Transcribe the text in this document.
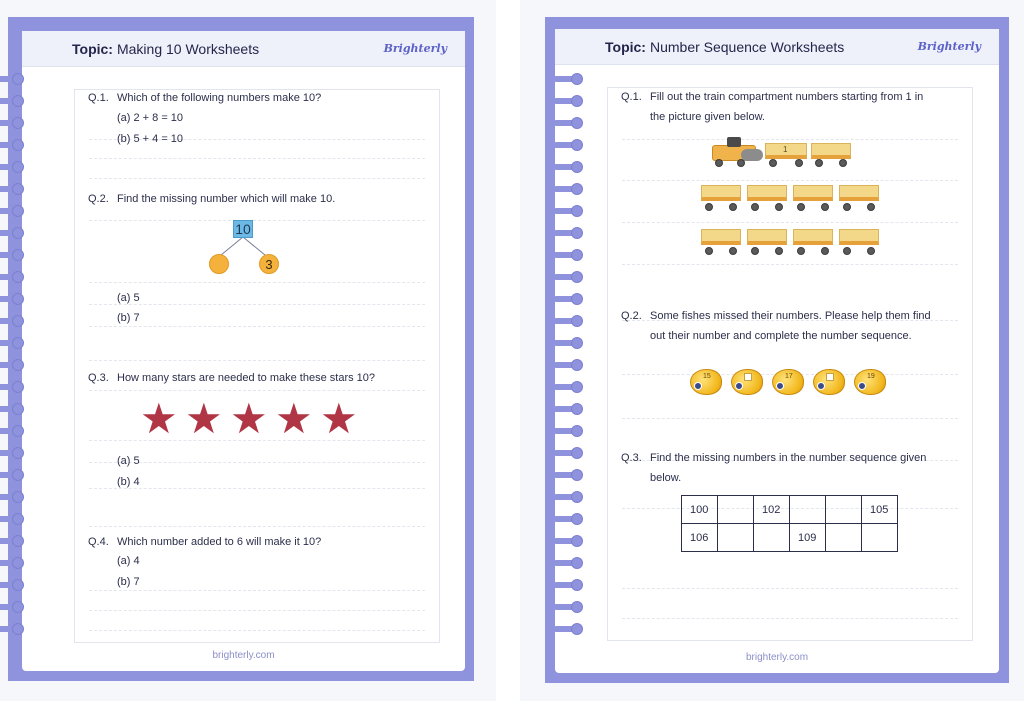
Topic: Making 10 Worksheets	Brighterly
Q.1. Which of the following numbers make 10?
(a) 2 + 8 = 10
(b) 5 + 4 = 10
Q.2. Find the missing number which will make 10.
10
3
(a) 5
(b) 7
Q.3. How many stars are needed to make these stars 10?
★ ★ ★ ★ ★
(a) 5
(b) 4
Q.4. Which number added to 6 will make it 10?
(a) 4
(b) 7
brighterly.com
Topic: Number Sequence Worksheets	Brighterly
Q.1. Fill out the train compartment numbers starting from 1 in
the picture given below.
1
Q.2. Some fishes missed their numbers. Please help them find
out their number and complete the number sequence.
15	17	19
Q.3. Find the missing numbers in the number sequence given
below.
100		102			105
106			109		
brighterly.com
